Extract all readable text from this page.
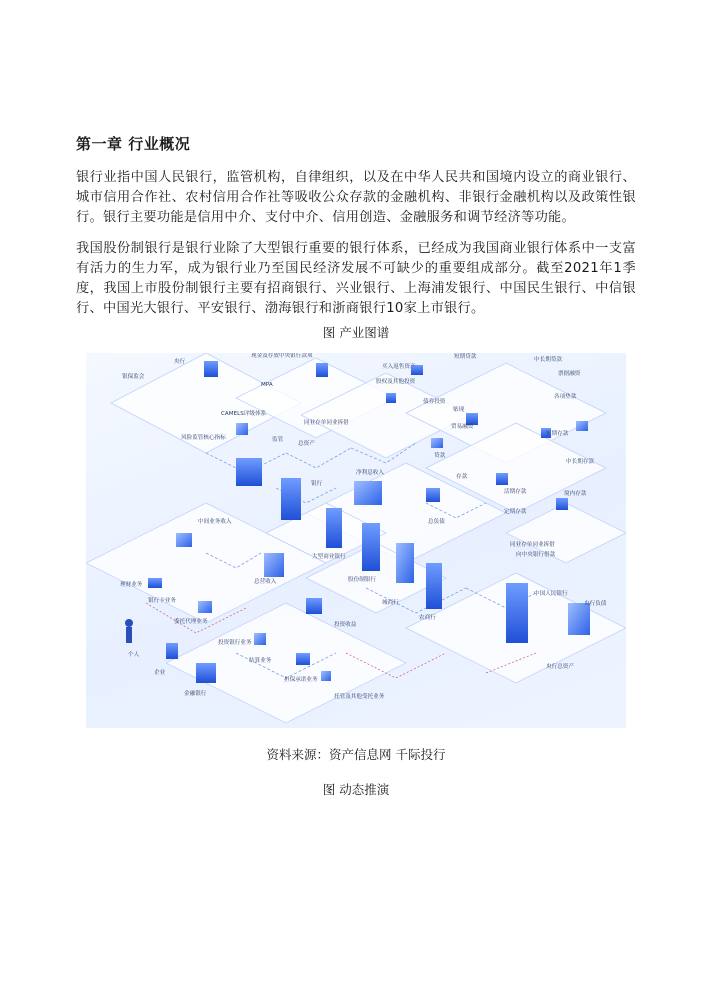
第一章 行业概况

银行业指中国人民银行，监管机构，自律组织，以及在中华人民共和国境内设立的商业银行、城市信用合作社、农村信用合作社等吸收公众存款的金融机构、非银行金融机构以及政策性银行。银行主要功能是信用中介、支付中介、信用创造、金融服务和调节经济等功能。

我国股份制银行是银行业除了大型银行重要的银行体系，已经成为我国商业银行体系中一支富有活力的生力军，成为银行业乃至国民经济发展不可缺少的重要组成部分。截至2021年1季度，我国上市股份制银行主要有招商银行、兴业银行、上海浦发银行、中国民生银行、中信银行、中国光大银行、平安银行、渤海银行和浙商银行10家上市银行。

图 产业图谱

资料来源：资产信息网 千际投行

图 动态推演

央行
银保监会
现金及存放中央银行款项
MPA
CAMELS评级体系
风险监管核心指标	监管
总资产
银行
净利息收入
同业存单同业拆借
买入返售资产
股权及其他投资
贷款
债券投资
贴现
贸易融资
短期贷款	中长期贷款
票据融资
各项垫款
存款
定期存款
活期存款
短期存款
中长期存款
境内存款
同业存单同业拆借
总负债
向中央银行借款
中间业务收入
理财业务
银行卡业务
委托代理业务
个人
企业
金融银行
结算业务
投资银行业务
担保承诺业务
托管及其他受托业务
总营收入
大型商业银行
股份制银行
城商行
农商行
投资收益
中国人民银行
央行负债
央行总资产
